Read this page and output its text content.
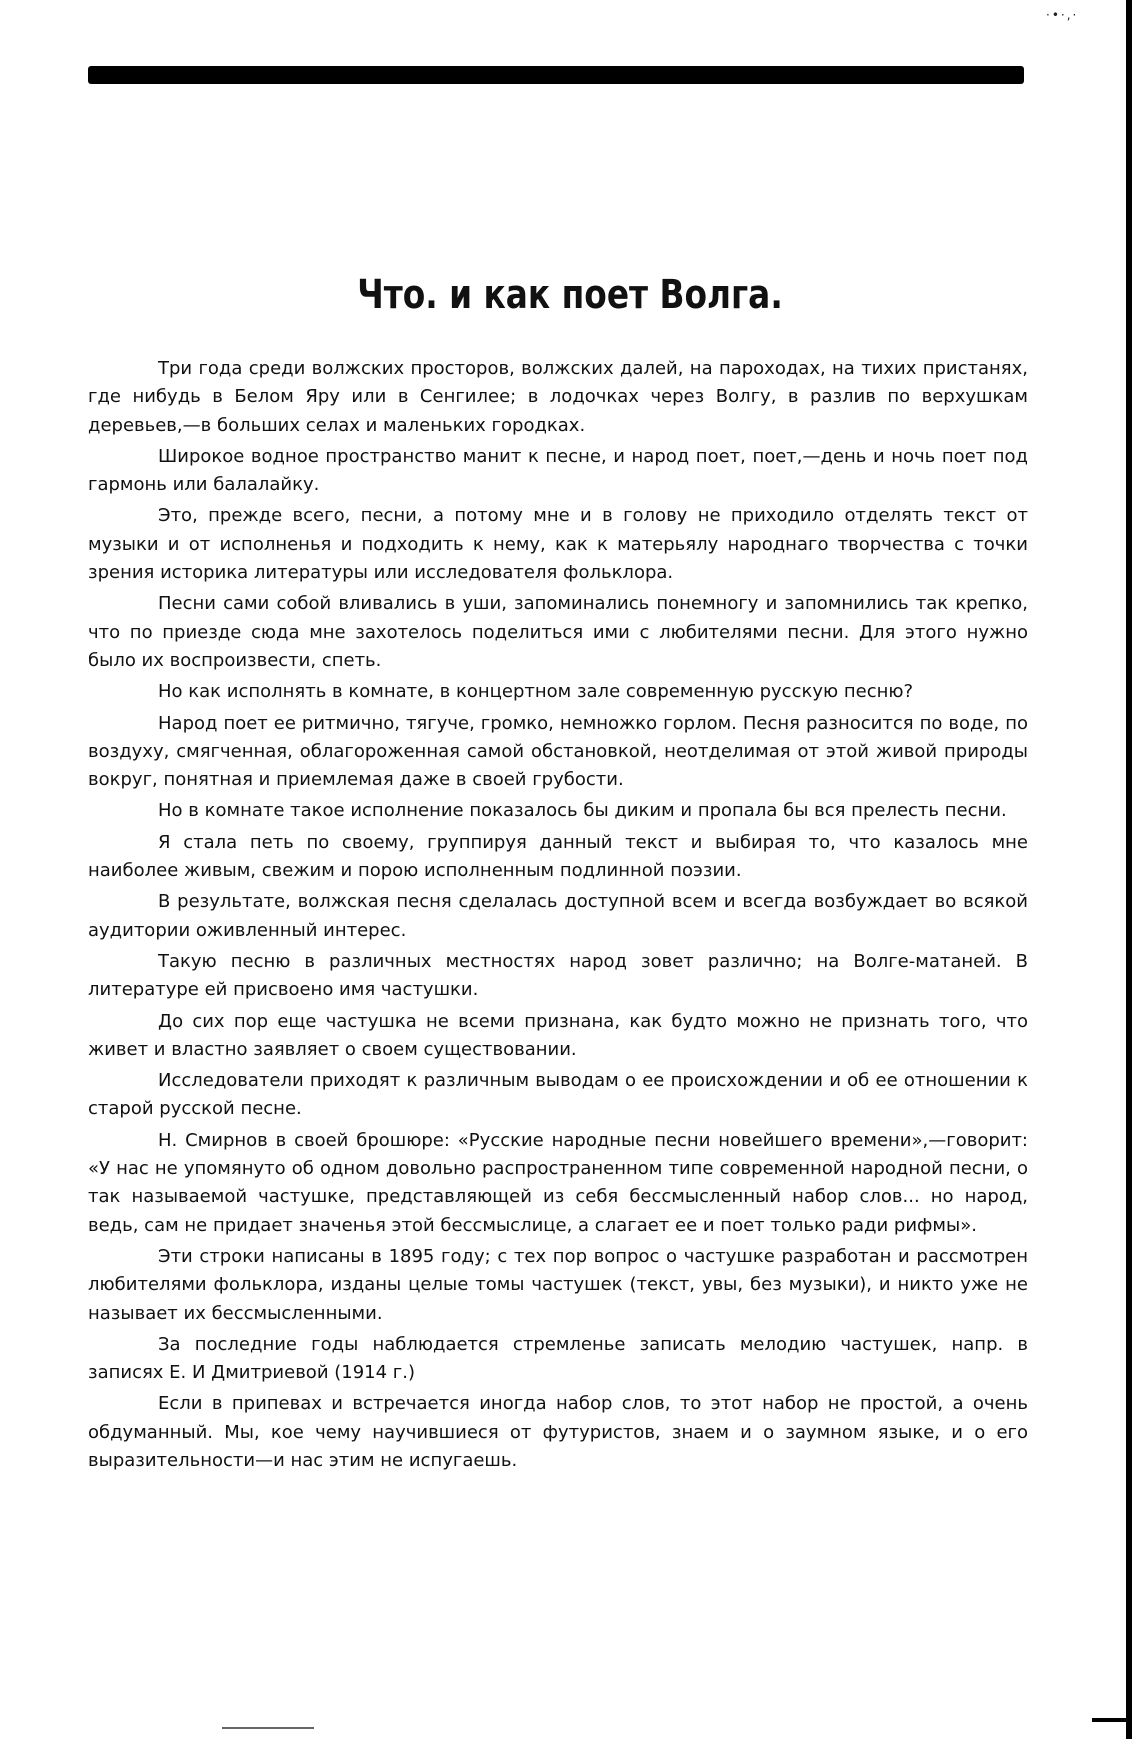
·•·,·
Что. и как поет Волга.

Три года среди волжских просторов, волжских далей, на пароходах, на тихих пристанях, где нибудь в Белом Яру или в Сенгилее; в лодочках через Волгу, в разлив по верхушкам деревьев,—в больших селах и маленьких городках.

Широкое водное пространство манит к песне, и народ поет, поет,—день и ночь поет под гармонь или балалайку.

Это, прежде всего, песни, а потому мне и в голову не приходило отделять текст от музыки и от исполненья и подходить к нему, как к матерьялу народнаго творчества с точки зрения историка литературы или исследователя фольклора.

Песни сами собой вливались в уши, запоминались понемногу и запомнились так крепко, что по приезде сюда мне захотелось поделиться ими с любителями песни. Для этого нужно было их воспроизвести, спеть.

Но как исполнять в комнате, в концертном зале современную русскую песню?

Народ поет ее ритмично, тягуче, громко, немножко горлом. Песня разносится по воде, по воздуху, смягченная, облагороженная самой обстановкой, неотделимая от этой живой природы вокруг, понятная и приемлемая даже в своей грубости.

Но в комнате такое исполнение показалось бы диким и пропала бы вся прелесть песни.

Я стала петь по своему, группируя данный текст и выбирая то, что казалось мне наиболее живым, свежим и порою исполненным подлинной поэзии.

В результате, волжская песня сделалась доступной всем и всегда возбуждает во всякой аудитории оживленный интерес.

Такую песню в различных местностях народ зовет различно; на Волге-матаней. В литературе ей присвоено имя частушки.

До сих пор еще частушка не всеми признана, как будто можно не признать того, что живет и властно заявляет о своем существовании.

Исследователи приходят к различным выводам о ее происхождении и об ее отношении к старой русской песне.

Н. Смирнов в своей брошюре: «Русские народные песни новейшего времени»,—говорит: «У нас не упомянуто об одном довольно распространенном типе современной народной песни, о так называемой частушке, представляющей из себя бессмысленный набор слов... но народ, ведь, сам не придает значенья этой бессмыслице, а слагает ее и поет только ради рифмы».

Эти строки написаны в 1895 году; с тех пор вопрос о частушке разработан и рассмотрен любителями фольклора, изданы целые томы частушек (текст, увы, без музыки), и никто уже не называет их бессмысленными.

За последние годы наблюдается стремленье записать мелодию частушек, напр. в записях Е. И Дмитриевой (1914 г.)

Если в припевах и встречается иногда набор слов, то этот набор не простой, а очень обдуманный. Мы, кое чему научившиеся от футуристов, знаем и о заумном языке, и о его выразительности—и нас этим не испугаешь.
